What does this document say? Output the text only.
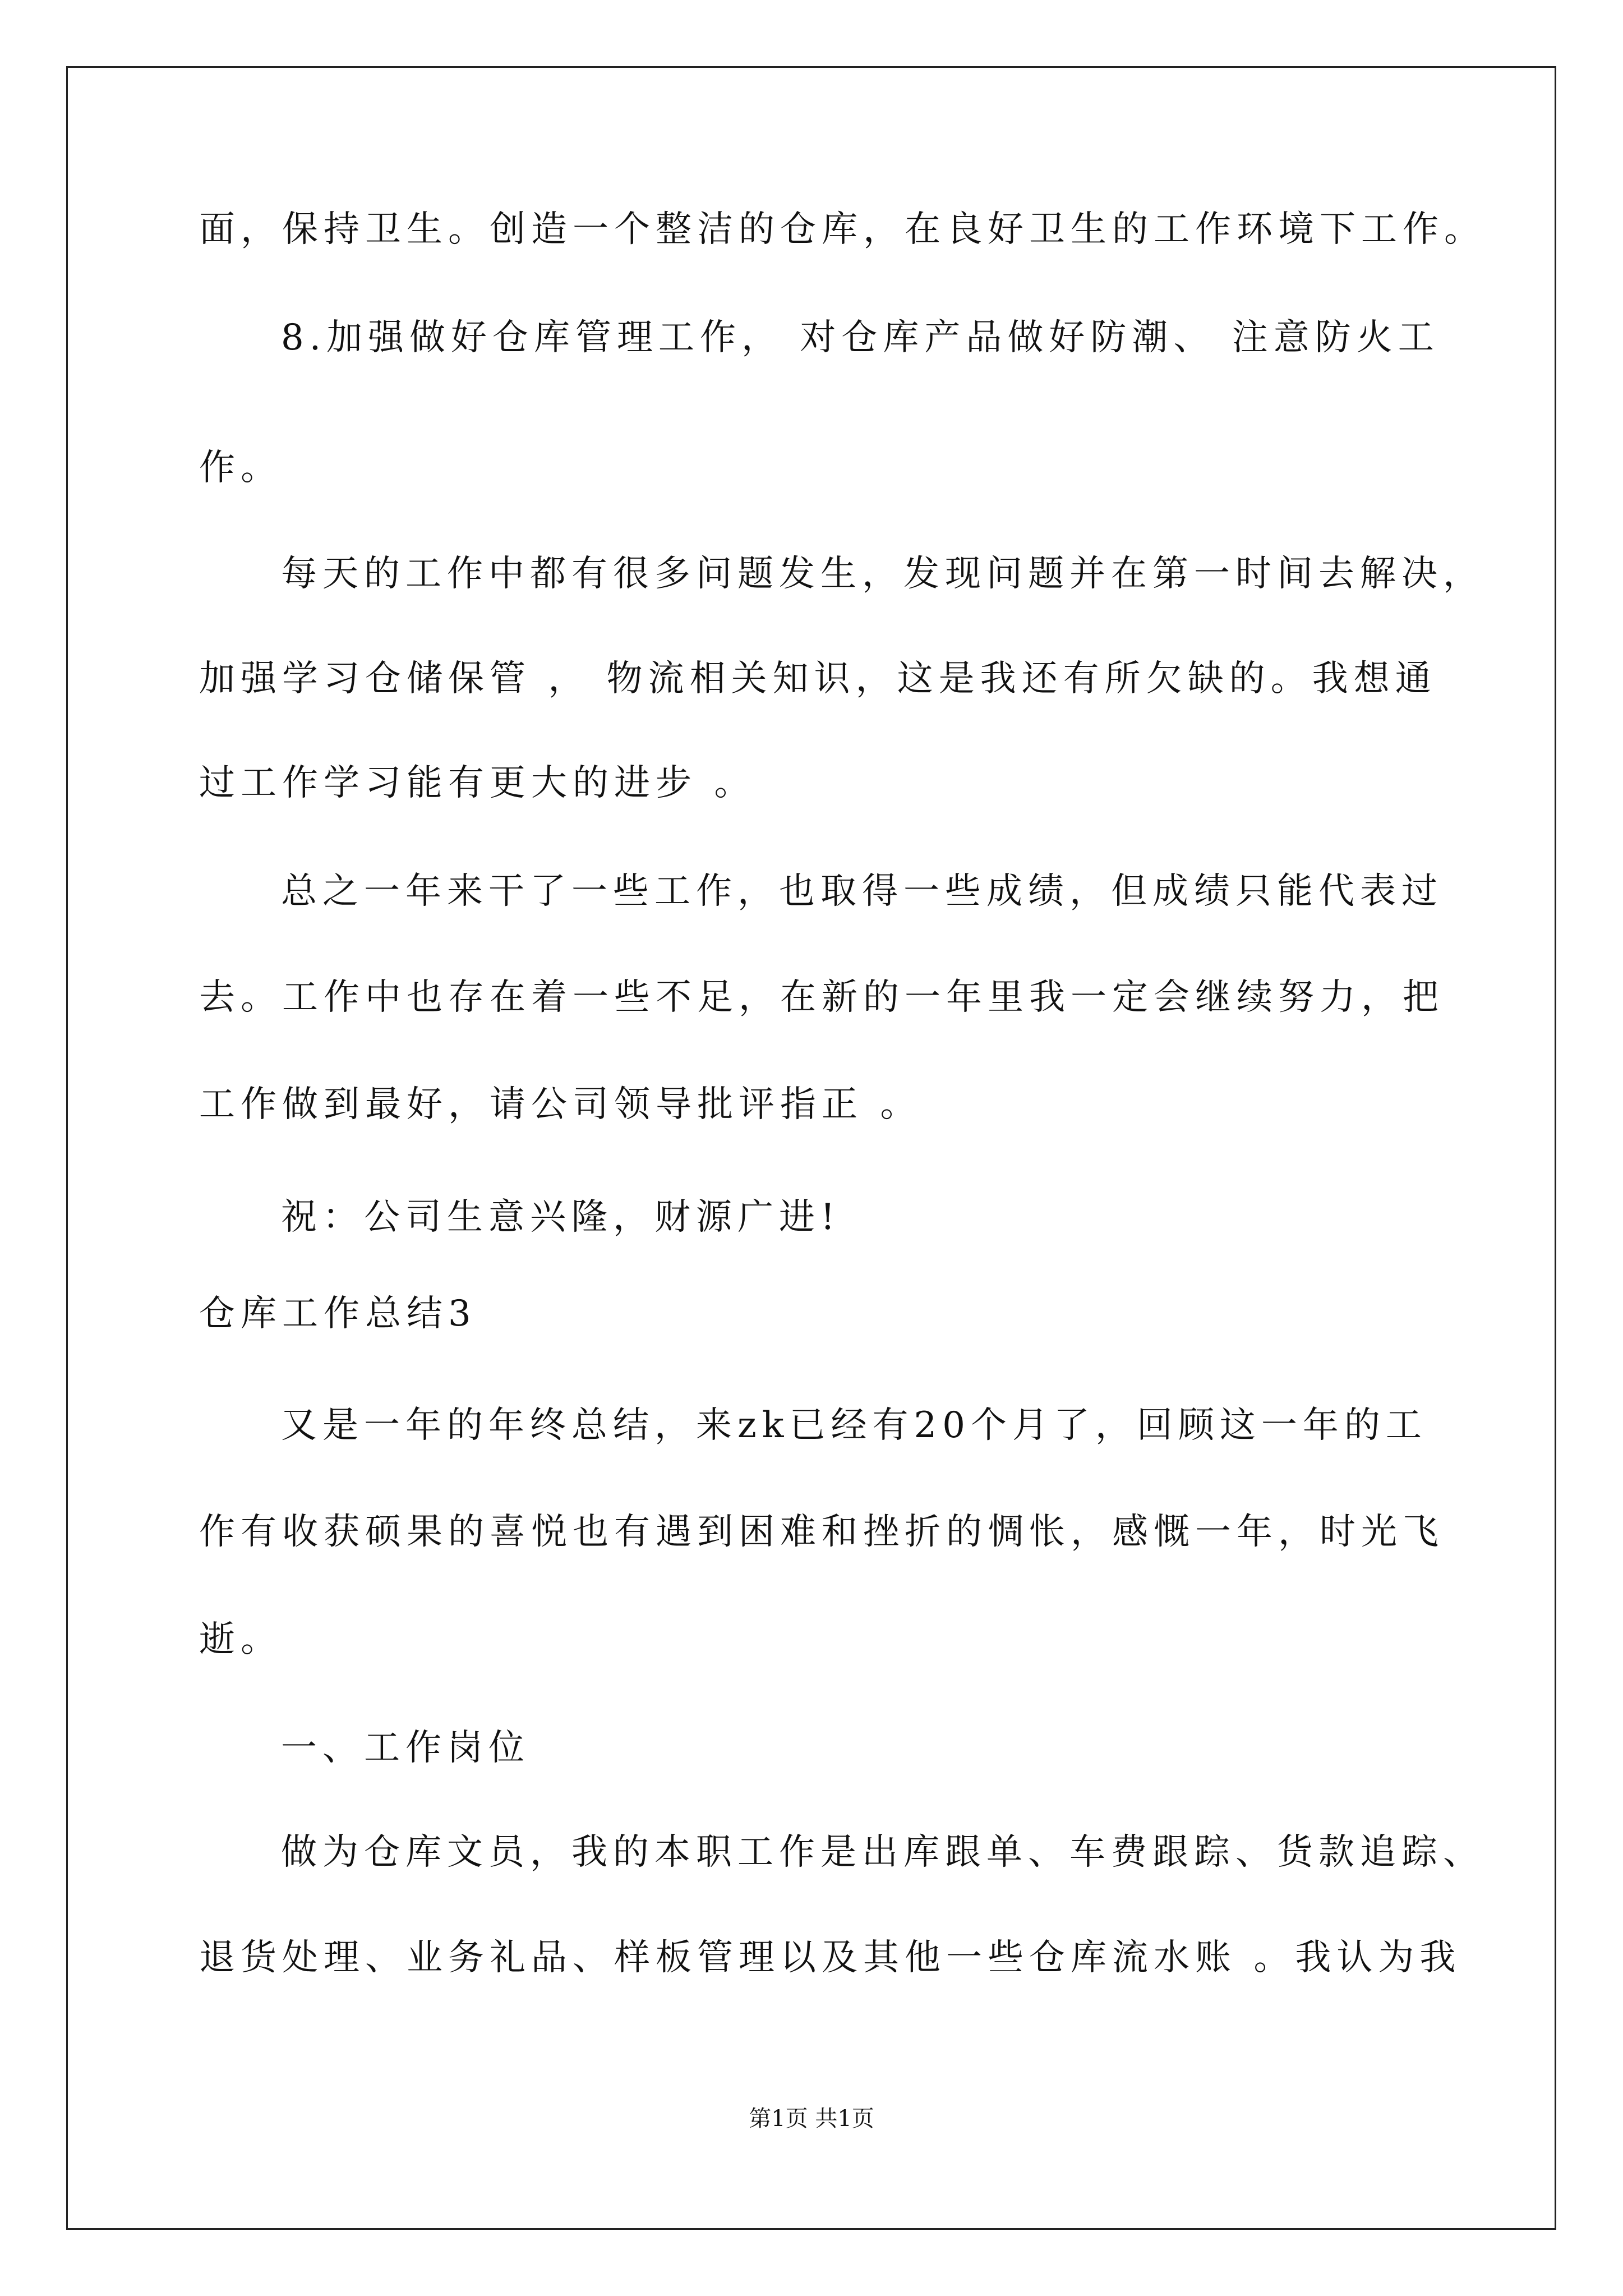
面，保持卫生。创造一个整洁的仓库，在良好卫生的工作环境下工作。
8.加强做好仓库管理工作， 对仓库产品做好防潮、 注意防火工
作。
每天的工作中都有很多问题发生，发现问题并在第一时间去解决，
加强学习仓储保管 ， 物流相关知识，这是我还有所欠缺的。我想通
过工作学习能有更大的进步 。
总之一年来干了一些工作，也取得一些成绩，但成绩只能代表过
去。工作中也存在着一些不足，在新的一年里我一定会继续努力，把
工作做到最好，请公司领导批评指正 。
祝：公司生意兴隆，财源广进!
仓库工作总结3
又是一年的年终总结，来zk已经有20个月了，回顾这一年的工
作有收获硕果的喜悦也有遇到困难和挫折的惆怅，感慨一年，时光飞
逝。
一、工作岗位
做为仓库文员，我的本职工作是出库跟单、车费跟踪、货款追踪、
退货处理、业务礼品、样板管理以及其他一些仓库流水账 。我认为我
第1页 共1页
